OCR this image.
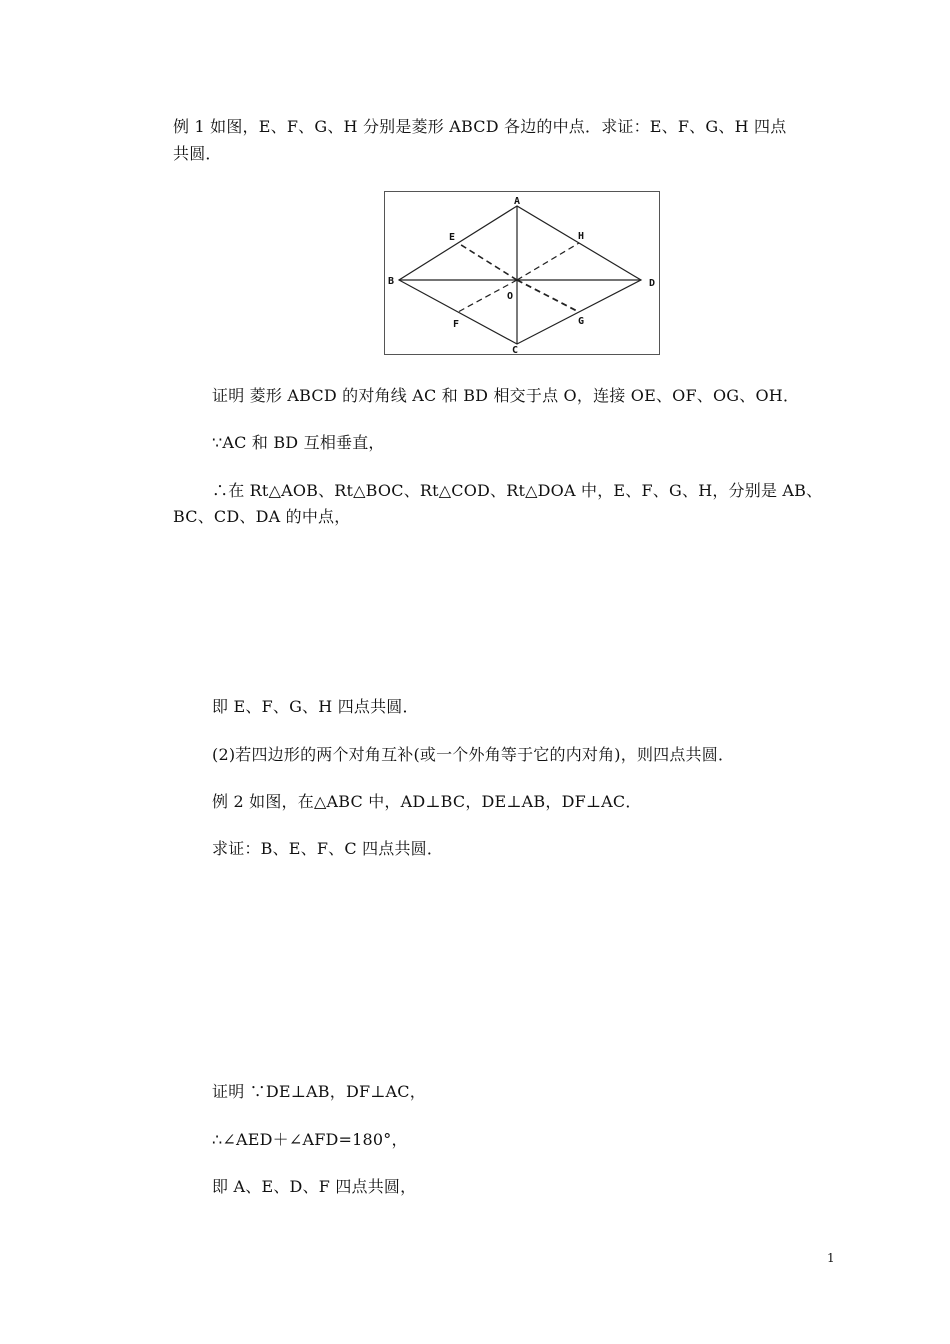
例 1 如图，E、F、G、H 分别是菱形 ABCD 各边的中点．求证：E、F、G、H 四点
共圆．
A
B
C
D
E	H
F	G
O
证明 菱形 ABCD 的对角线 AC 和 BD 相交于点 O，连接 OE、OF、OG、OH．
∵AC 和 BD 互相垂直，
∴在 Rt△AOB、Rt△BOC、Rt△COD、Rt△DOA 中，E、F、G、H，分别是 AB、
BC、CD、DA 的中点，
即 E、F、G、H 四点共圆．
(2)若四边形的两个对角互补(或一个外角等于它的内对角)，则四点共圆．
例 2 如图，在△ABC 中，AD⊥BC，DE⊥AB，DF⊥AC．
求证：B、E、F、C 四点共圆．
证明 ∵DE⊥AB，DF⊥AC，
∴∠AED＋∠AFD=180°，
即 A、E、D、F 四点共圆，
1
